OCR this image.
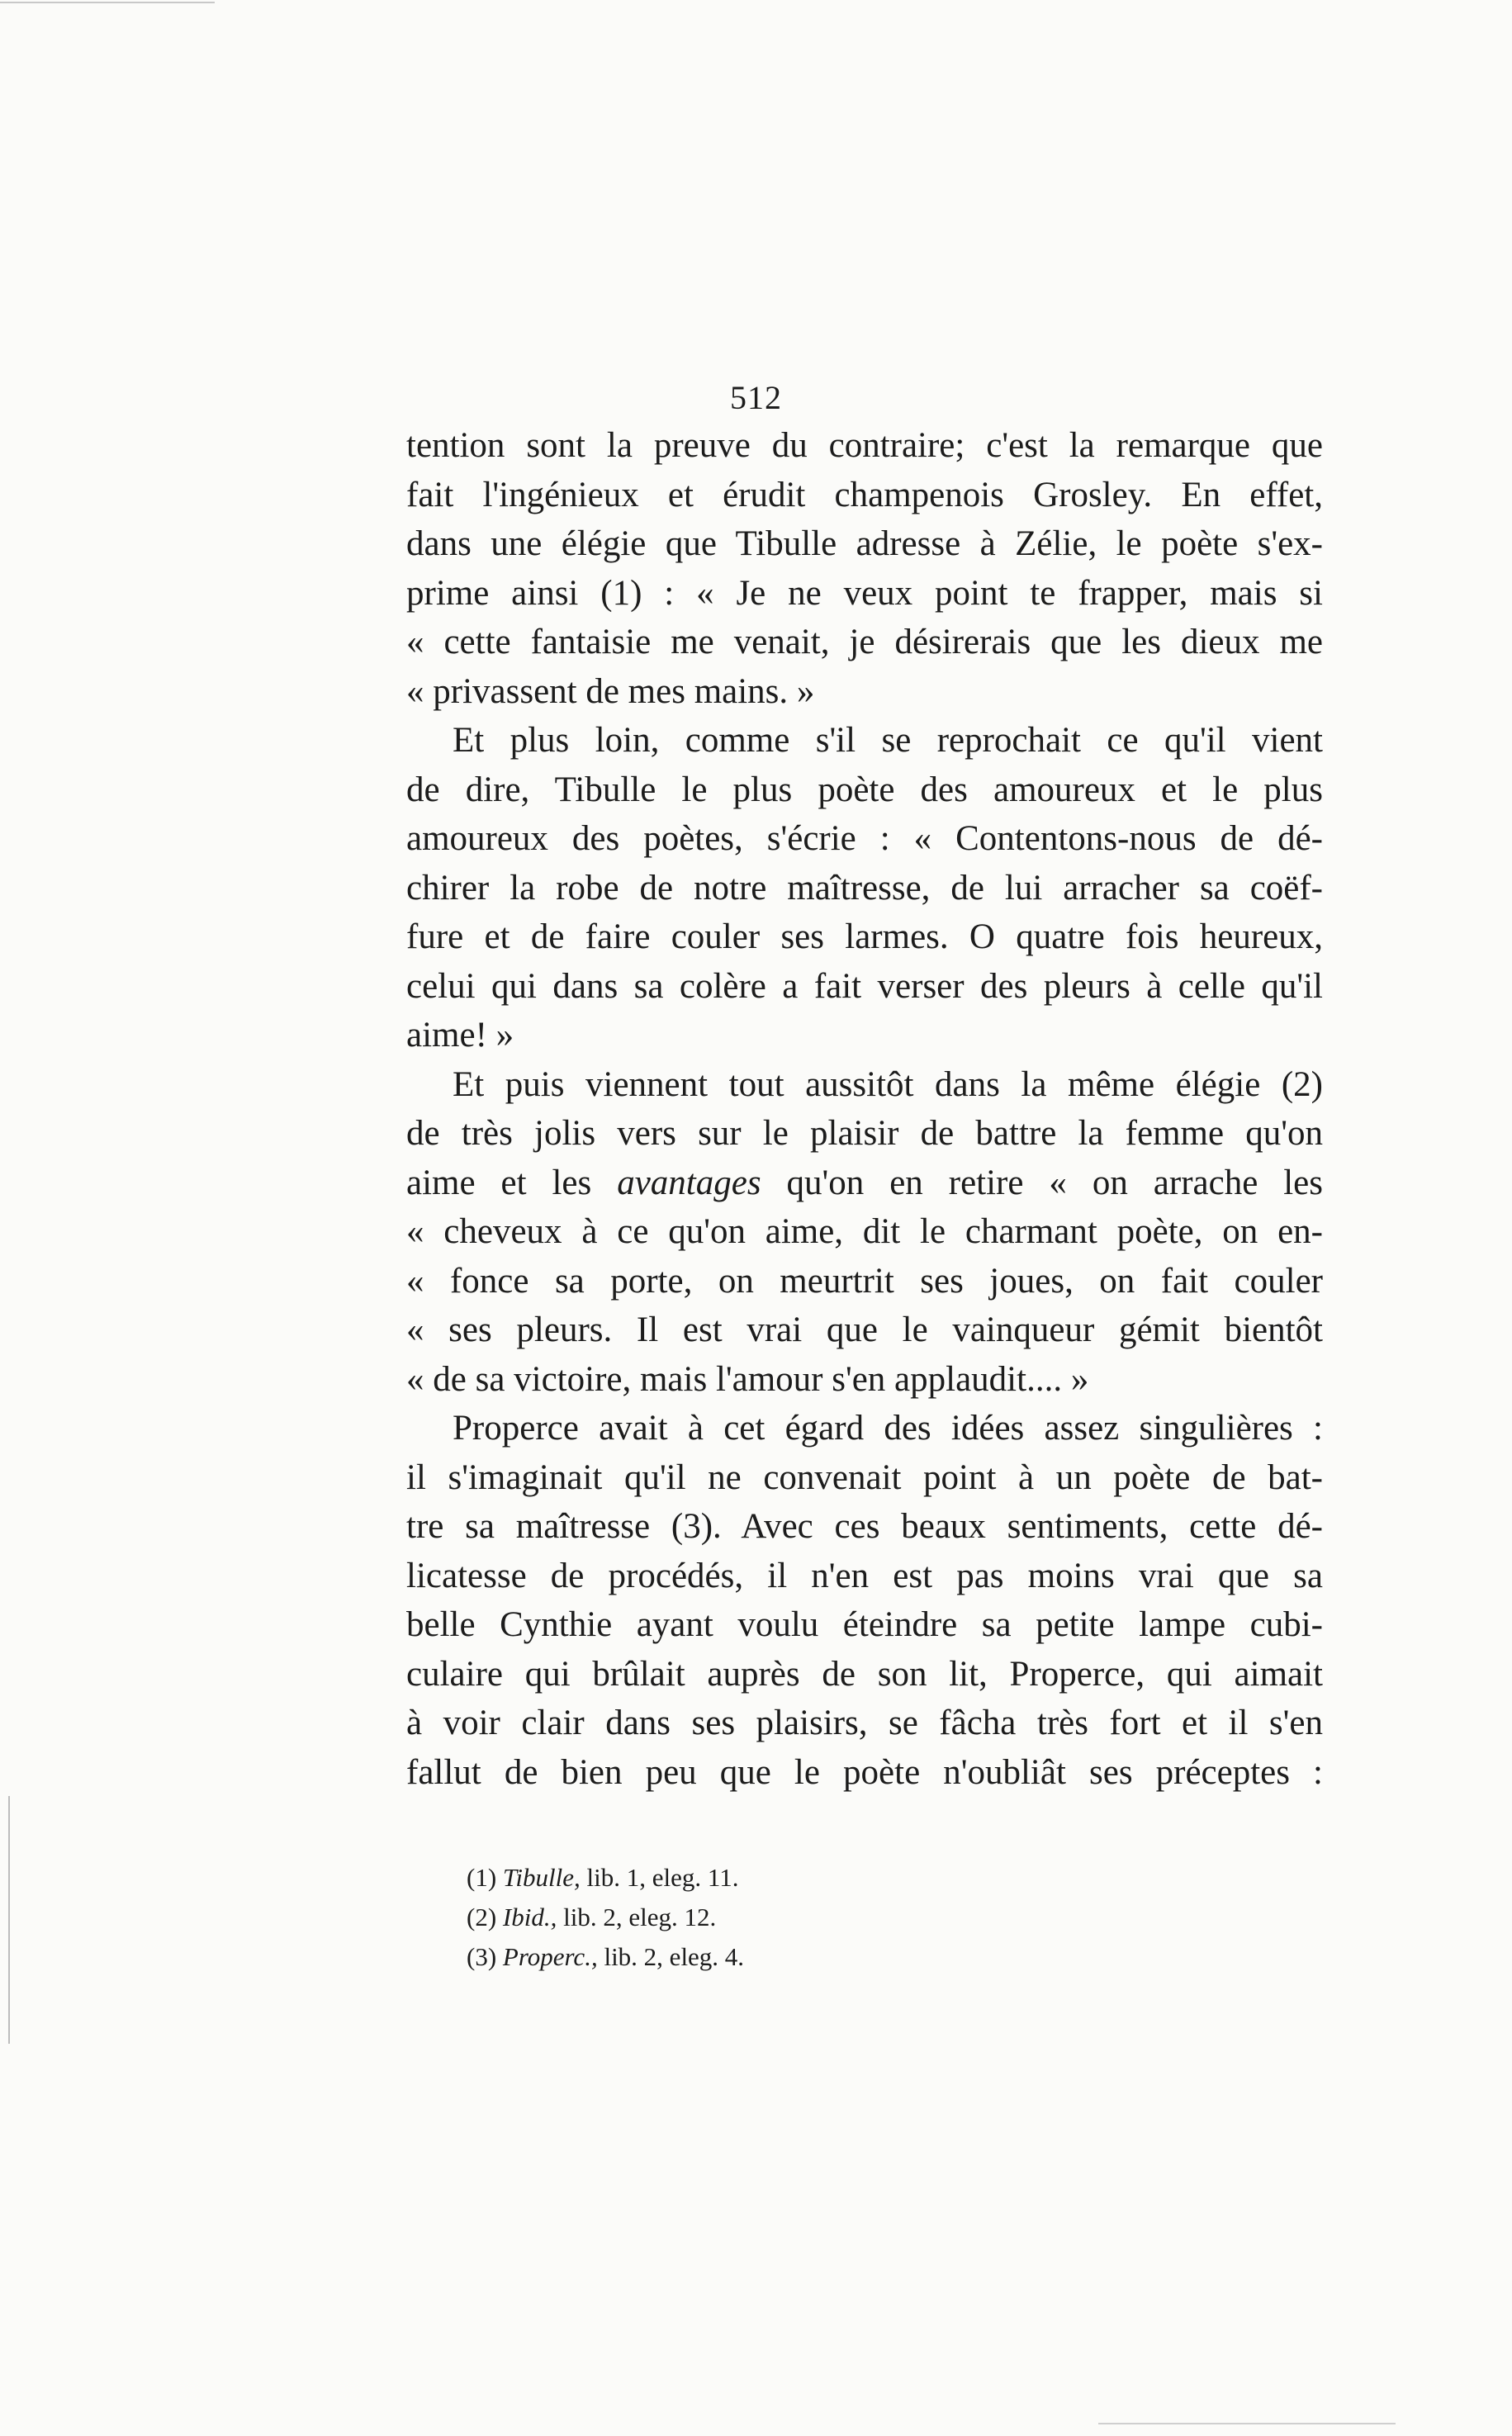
512
tention sont la preuve du contraire; c'est la remarque que
fait l'ingénieux et érudit champenois Grosley. En effet,
dans une élégie que Tibulle adresse à Zélie, le poète s'ex-
prime ainsi (1) : « Je ne veux point te frapper, mais si
« cette fantaisie me venait, je désirerais que les dieux me
« privassent de mes mains. »
Et plus loin, comme s'il se reprochait ce qu'il vient
de dire, Tibulle le plus poète des amoureux et le plus
amoureux des poètes, s'écrie : « Contentons-nous de dé-
chirer la robe de notre maîtresse, de lui arracher sa coëf-
fure et de faire couler ses larmes. O quatre fois heureux,
celui qui dans sa colère a fait verser des pleurs à celle qu'il
aime! »
Et puis viennent tout aussitôt dans la même élégie (2)
de très jolis vers sur le plaisir de battre la femme qu'on
aime et les avantages qu'on en retire « on arrache les
« cheveux à ce qu'on aime, dit le charmant poète, on en-
« fonce sa porte, on meurtrit ses joues, on fait couler
« ses pleurs. Il est vrai que le vainqueur gémit bientôt
« de sa victoire, mais l'amour s'en applaudit.... »
Properce avait à cet égard des idées assez singulières :
il s'imaginait qu'il ne convenait point à un poète de bat-
tre sa maîtresse (3). Avec ces beaux sentiments, cette dé-
licatesse de procédés, il n'en est pas moins vrai que sa
belle Cynthie ayant voulu éteindre sa petite lampe cubi-
culaire qui brûlait auprès de son lit, Properce, qui aimait
à voir clair dans ses plaisirs, se fâcha très fort et il s'en
fallut de bien peu que le poète n'oubliât ses préceptes :
(1) Tibulle, lib. 1, eleg. 11.
(2) Ibid., lib. 2, eleg. 12.
(3) Properc., lib. 2, eleg. 4.
